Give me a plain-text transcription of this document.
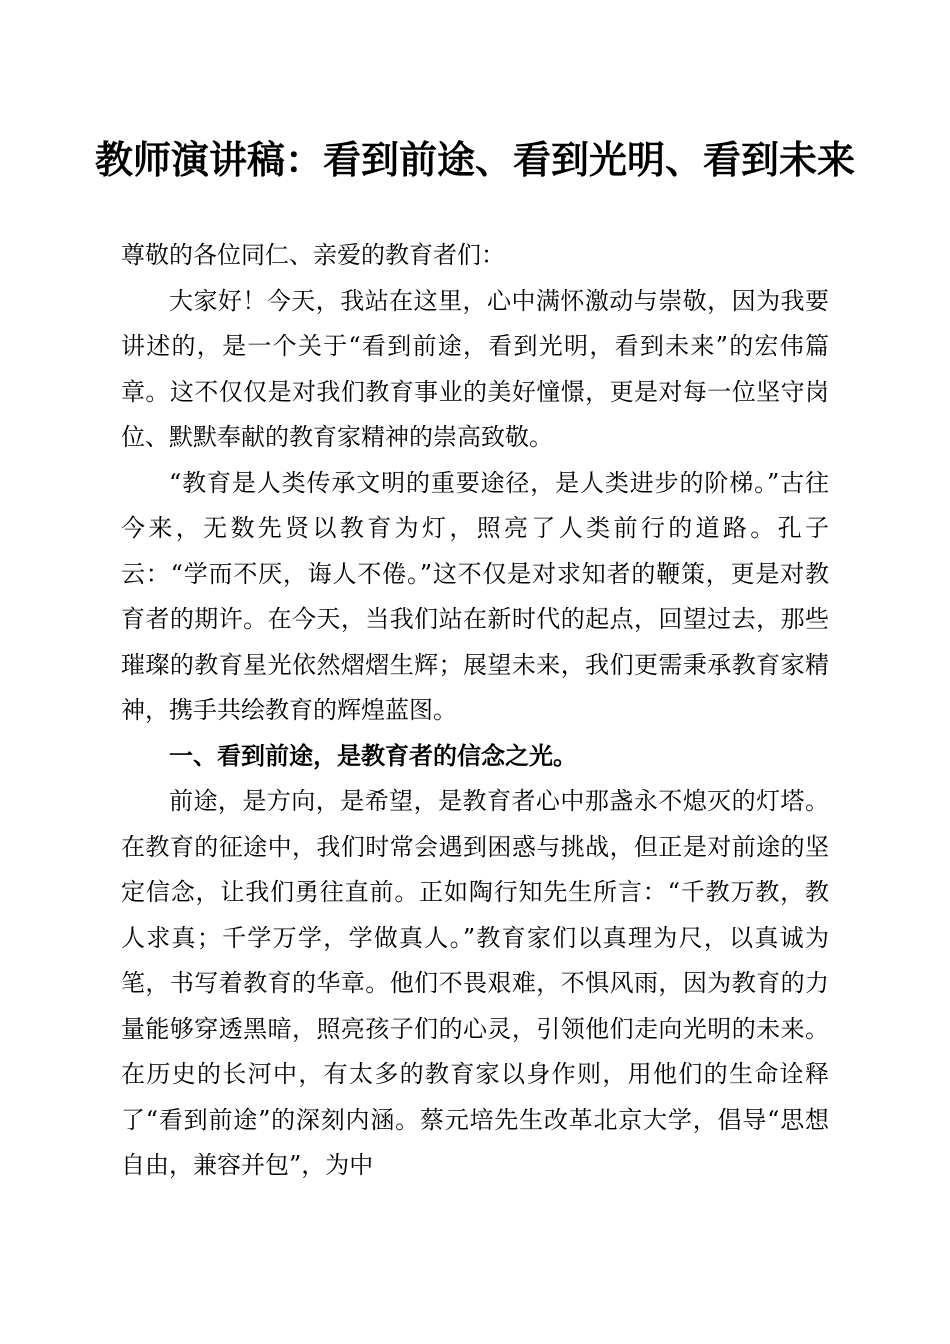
教师演讲稿：看到前途、看到光明、看到未来

尊敬的各位同仁、亲爱的教育者们：

大家好！今天，我站在这里，心中满怀激动与崇敬，因为我要讲述的，是一个关于“看到前途，看到光明，看到未来”的宏伟篇章。这不仅仅是对我们教育事业的美好憧憬，更是对每一位坚守岗位、默默奉献的教育家精神的崇高致敬。

“教育是人类传承文明的重要途径，是人类进步的阶梯。”古往今来，无数先贤以教育为灯，照亮了人类前行的道路。孔子云：“学而不厌，诲人不倦。”这不仅是对求知者的鞭策，更是对教育者的期许。在今天，当我们站在新时代的起点，回望过去，那些璀璨的教育星光依然熠熠生辉；展望未来，我们更需秉承教育家精神，携手共绘教育的辉煌蓝图。

一、看到前途，是教育者的信念之光。

前途，是方向，是希望，是教育者心中那盏永不熄灭的灯塔。在教育的征途中，我们时常会遇到困惑与挑战，但正是对前途的坚定信念，让我们勇往直前。正如陶行知先生所言：“千教万教，教人求真；千学万学，学做真人。”教育家们以真理为尺，以真诚为笔，书写着教育的华章。他们不畏艰难，不惧风雨，因为教育的力量能够穿透黑暗，照亮孩子们的心灵，引领他们走向光明的未来。在历史的长河中，有太多的教育家以身作则，用他们的生命诠释了“看到前途”的深刻内涵。蔡元培先生改革北京大学，倡导“思想自由，兼容并包”，为中
